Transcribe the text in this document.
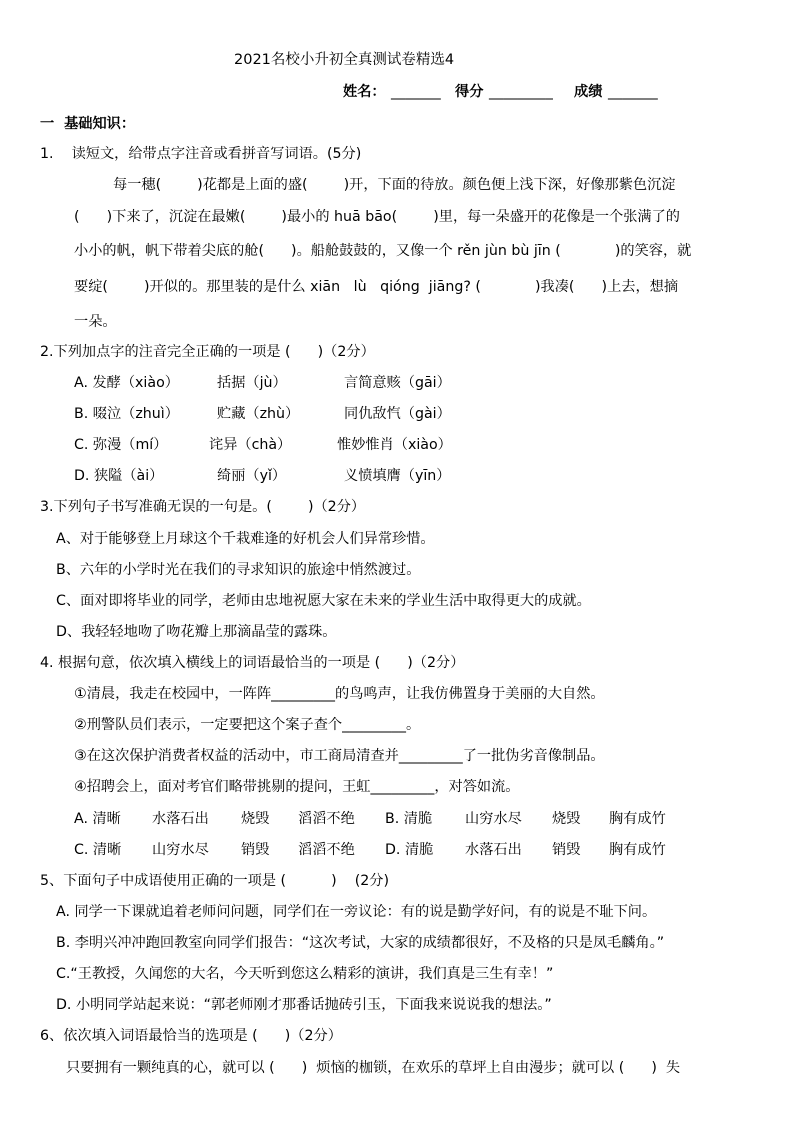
2021名校小升初全真测试卷精选4
姓名： _______ 得分 _________ 成绩 _______
一  基础知识：
1.    读短文，给带点字注音或看拼音写词语。(5分)
每一穗(        )花都是上面的盛(        )开，下面的待放。颜色便上浅下深，好像那紫色沉淀
(      )下来了，沉淀在最嫩(        )最小的 huā bāo(        )里，每一朵盛开的花像是一个张满了的
小小的帆，帆下带着尖底的舱(      )。船舱鼓鼓的，又像一个 rěn jùn bù jīn (            )的笑容，就
要绽(        )开似的。那里装的是什么 xiān   lù   qióng  jiāng? (            )我凑(      )上去，想摘
一朵。
2.下列加点字的注音完全正确的一项是 (      )（2分）

A. 发酵（xiào）

	括据（jù）

	言简意赅（gāi）

B. 啜泣（zhuì）

	贮藏（zhù）

	同仇敌忾（gài）

C. 弥漫（mí）

	诧异（chà）

	惟妙惟肖（xiào）

D. 狭隘（ài）

	绮丽（yǐ）

	义愤填膺（yīn）

3.下列句子书写准确无误的一句是。(        )（2分）
A、对于能够登上月球这个千栽难逢的好机会人们异常珍惜。
B、六年的小学时光在我们的寻求知识的旅途中悄然渡过。
C、面对即将毕业的同学，老师由忠地祝愿大家在未来的学业生活中取得更大的成就。
D、我轻轻地吻了吻花瓣上那滴晶莹的露珠。
4. 根据句意，依次填入横线上的词语最恰当的一项是 (      )（2分）
①清晨，我走在校园中，一阵阵_________的鸟鸣声，让我仿佛置身于美丽的大自然。
②刑警队员们表示，一定要把这个案子查个_________。
③在这次保护消费者权益的活动中，市工商局清查并_________了一批伪劣音像制品。
④招聘会上，面对考官们略带挑剔的提问，王虹_________，对答如流。

A. 清晰

水落石出

烧毁

滔滔不绝

B. 清脆

山穷水尽

烧毁

胸有成竹

C. 清晰

山穷水尽

销毁

滔滔不绝

D. 清脆

水落石出

销毁

胸有成竹

5、下面句子中成语使用正确的一项是 (          )    (2分)
A. 同学一下课就追着老师问问题，同学们在一旁议论：有的说是勤学好问，有的说是不耻下问。
B. 李明兴冲冲跑回教室向同学们报告：“这次考试，大家的成绩都很好，不及格的只是凤毛麟角。”
C.“王教授，久闻您的大名，今天听到您这么精彩的演讲，我们真是三生有幸！”
D. 小明同学站起来说：“郭老师刚才那番话抛砖引玉，下面我来说说我的想法。”
6、依次填入词语最恰当的选项是 (      )（2分）
只要拥有一颗纯真的心，就可以 (      )  烦恼的枷锁，在欢乐的草坪上自由漫步；就可以 (      )  失
